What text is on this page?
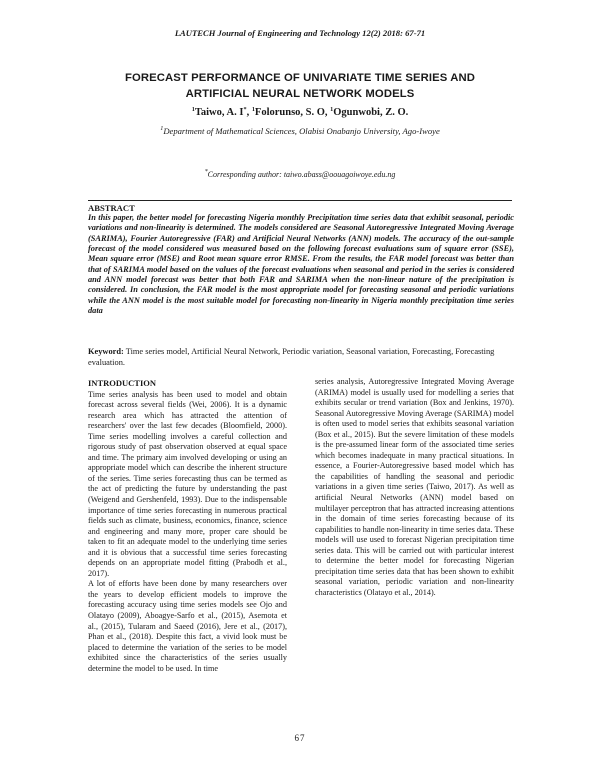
LAUTECH Journal of Engineering and Technology 12(2) 2018: 67-71
FORECAST PERFORMANCE OF UNIVARIATE TIME SERIES AND
ARTIFICIAL NEURAL NETWORK MODELS
$^1$Taiwo, A. I*, $^1$Folorunso, S. O, $^1$Ogunwobi, Z. O.
$^1$Department of Mathematical Sciences, Olabisi Onabanjo University, Ago-Iwoye
*Corresponding author: taiwo.abass@oouagoiwoye.edu.ng
ABSTRACT

In this paper, the better model for forecasting Nigeria monthly Precipitation time series data that exhibit seasonal, periodic variations and non-linearity is determined. The models considered are Seasonal Autoregressive Integrated Moving Average (SARIMA), Fourier Autoregressive (FAR) and Artificial Neural Networks (ANN) models. The accuracy of the out-sample forecast of the model considered was measured based on the following forecast evaluations sum of square error (SSE), Mean square error (MSE) and Root mean square error RMSE. From the results, the FAR model forecast was better than that of SARIMA model based on the values of the forecast evaluations when seasonal and period in the series is considered and ANN model forecast was better that both FAR and SARIMA when the non-linear nature of the precipitation is considered. In conclusion, the FAR model is the most appropriate model for forecasting seasonal and periodic variations while the ANN model is the most suitable model for forecasting non-linearity in Nigeria monthly precipitation time series data

Keyword: Time series model, Artificial Neural Network, Periodic variation, Seasonal variation, Forecasting, Forecasting evaluation.

INTRODUCTION

Time series analysis has been used to model and obtain forecast across several fields (Wei, 2006). It is a dynamic research area which has attracted the attention of researchers' over the last few decades (Bloomfield, 2000). Time series modelling involves a careful collection and rigorous study of past observation observed at equal space and time. The primary aim involved developing or using an appropriate model which can describe the inherent structure of the series. Time series forecasting thus can be termed as the act of predicting the future by understanding the past (Weigend and Gershenfeld, 1993). Due to the indispensable importance of time series forecasting in numerous practical fields such as climate, business, economics, finance, science and engineering and many more, proper care should be taken to fit an adequate model to the underlying time series and it is obvious that a successful time series forecasting depends on an appropriate model fitting (Prabodh et al., 2017).

A lot of efforts have been done by many researchers over the years to develop efficient models to improve the forecasting accuracy using time series models see Ojo and Olatayo (2009), Aboagye-Sarfo et al., (2015), Asemota et al., (2015), Tularam and Saeed (2016), Jere et al., (2017), Phan et al., (2018). Despite this fact, a vivid look must be placed to determine the variation of the series to be model exhibited since the characteristics of the series usually determine the model to be used. In time

series analysis, Autoregressive Integrated Moving Average (ARIMA) model is usually used for modelling a series that exhibits secular or trend variation (Box and Jenkins, 1970). Seasonal Autoregressive Moving Average (SARIMA) model is often used to model series that exhibits seasonal variation (Box et al., 2015). But the severe limitation of these models is the pre-assumed linear form of the associated time series which becomes inadequate in many practical situations. In essence, a Fourier-Autoregressive based model which has the capabilities of handling the seasonal and periodic variations in a given time series (Taiwo, 2017). As well as artificial Neural Networks (ANN) model based on multilayer perceptron that has attracted increasing attentions in the domain of time series forecasting because of its capabilities to handle non-linearity in time series data. These models will use used to forecast Nigerian precipitation time series data. This will be carried out with particular interest to determine the better model for forecasting Nigerian precipitation time series data that has been shown to exhibit seasonal variation, periodic variation and non-linearity characteristics (Olatayo et al., 2014).

67
